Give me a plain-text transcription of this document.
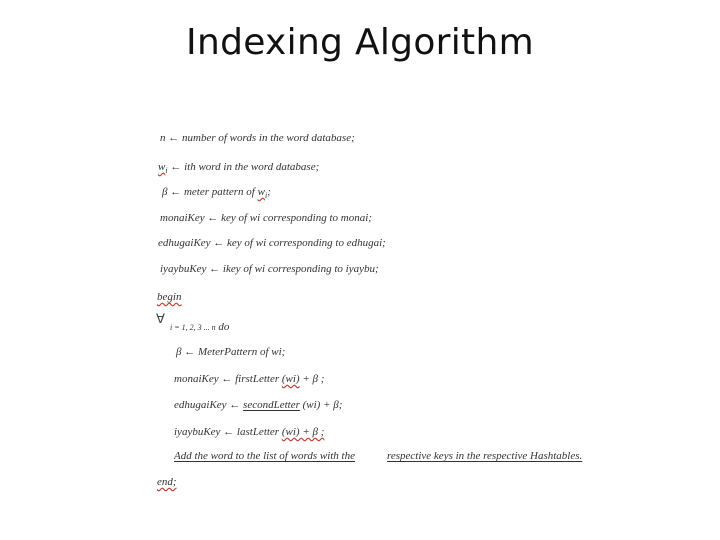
Indexing Algorithm
n ← number of words in the word database;
$w_i$ ← ith word in the word database;
β ← meter pattern of $w_i$;
monaiKey ← key of wi corresponding to monai;
edhugaiKey ← key of wi corresponding to edhugai;
iyaybuKey ← ikey of wi corresponding to iyaybu;
begin
∀
i = 1, 2, 3 ... n do
β ← MeterPattern of wi;
monaiKey ← firstLetter (wi) + β ;
edhugaiKey ← secondLetter (wi) + β;
iyaybuKey ← lastLetter (wi) + β ;
Add the word to the list of words with the	respective keys in the respective Hashtables.
end;
